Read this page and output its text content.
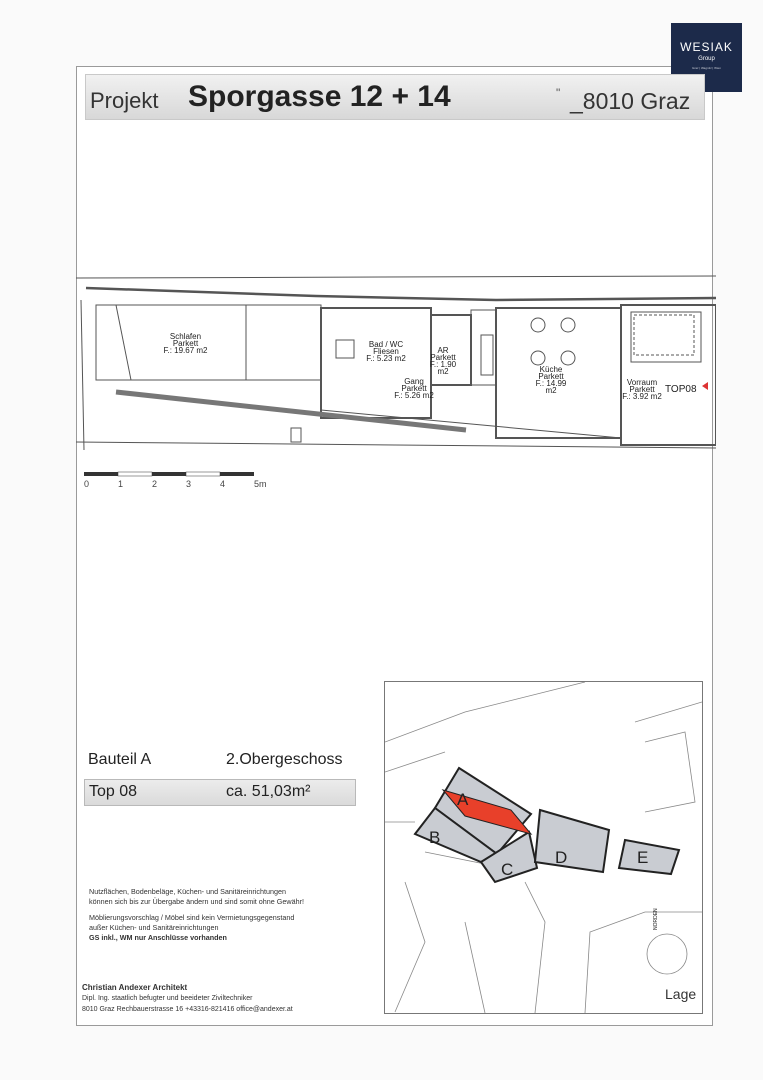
WESIAK
Group
Graz | Wagnitz | Wien
Projekt Sporgasse 12 + 14	" _8010 Graz
Schlafen
Parkett
F.: 19.67 m2
Bad / WC
Fliesen
F.: 5.23 m2
AR
Parkett
F.: 1.90 m2
Gang
Parkett
F.: 5.26 m2
Küche
Parkett
F.: 14.99 m2
Vorraum
Parkett
F.: 3.92 m2
TOP08
0	1	2	3	4	5m
Bauteil A	2.Obergeschoss
Top 08	ca. 51,03m²
Nutzflächen, Bodenbeläge, Küchen- und Sanitäreinrichtungen
können sich bis zur Übergabe ändern und sind somit ohne Gewähr!
Möblierungsvorschlag / Möbel sind kein Vermietungsgegenstand
außer Küchen- und Sanitäreinrichtungen
GS inkl., WM nur Anschlüsse vorhanden
Christian Andexer Architekt
Dipl. Ing. staatlich befugter und beeideter Ziviltechniker
8010 Graz Rechbauerstrasse 16 +43316-821416 office@andexer.at
A
B
C
D	E
NORDEN
Lage
